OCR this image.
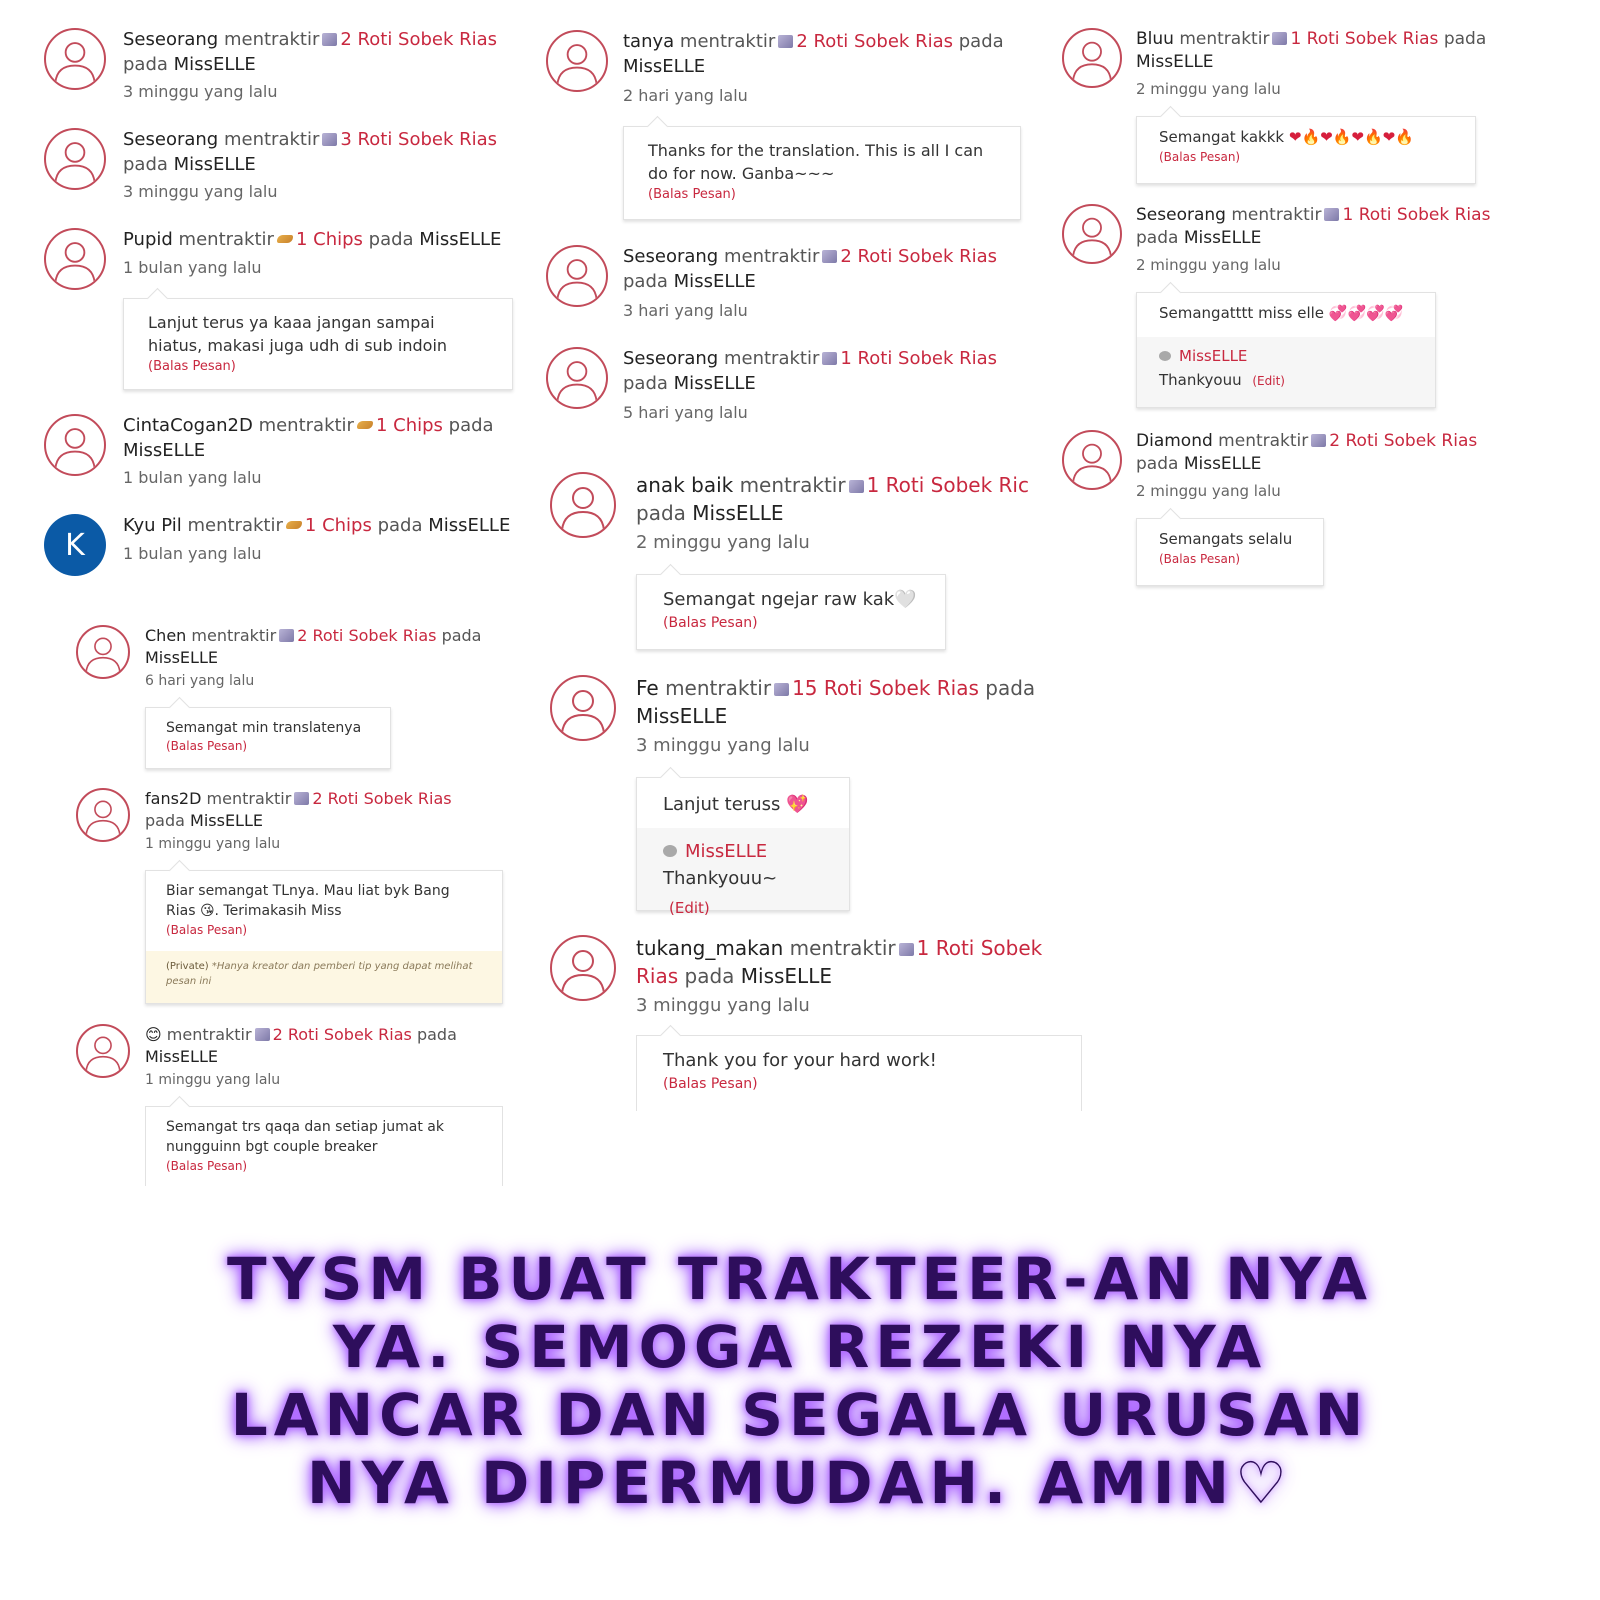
Seseorang mentraktir 2 Roti Sobek Rias
pada MissELLE
3 minggu yang lalu
Seseorang mentraktir 3 Roti Sobek Rias
pada MissELLE
3 minggu yang lalu
Pupid mentraktir 1 Chips pada MissELLE
1 bulan yang lalu
Lanjut terus ya kaaa jangan sampai hiatus, makasi juga udh di sub indoin
(Balas Pesan)
CintaCogan2D mentraktir 1 Chips pada
MissELLE
1 bulan yang lalu
K
Kyu Pil mentraktir 1 Chips pada MissELLE
1 bulan yang lalu
Chen mentraktir 2 Roti Sobek Rias pada
MissELLE
6 hari yang lalu
Semangat min translatenya
(Balas Pesan)
fans2D mentraktir 2 Roti Sobek Rias
pada MissELLE
1 minggu yang lalu
Biar semangat TLnya. Mau liat byk Bang Rias 😘. Terimakasih Miss
(Balas Pesan)
(Private) *Hanya kreator dan pemberi tip yang dapat melihat pesan ini
😊 mentraktir 2 Roti Sobek Rias pada
MissELLE
1 minggu yang lalu
Semangat trs qaqa dan setiap jumat ak nungguinn bgt couple breaker
(Balas Pesan)
tanya mentraktir 2 Roti Sobek Rias pada
MissELLE
2 hari yang lalu
Thanks for the translation. This is all I can do for now. Ganba~~~
(Balas Pesan)
Seseorang mentraktir 2 Roti Sobek Rias
pada MissELLE
3 hari yang lalu
Seseorang mentraktir 1 Roti Sobek Rias
pada MissELLE
5 hari yang lalu
anak baik mentraktir 1 Roti Sobek Ric
pada MissELLE
2 minggu yang lalu
Semangat ngejar raw kak🤍
(Balas Pesan)
Fe mentraktir 15 Roti Sobek Rias pada
MissELLE
3 minggu yang lalu
Lanjut teruss 💖
MissELLE
Thankyouu~ (Edit)
tukang_makan mentraktir 1 Roti Sobek
Rias pada MissELLE
3 minggu yang lalu
Thank you for your hard work!
(Balas Pesan)
Bluu mentraktir 1 Roti Sobek Rias pada
MissELLE
2 minggu yang lalu
Semangat kakkk ❤🔥❤🔥❤🔥❤🔥
(Balas Pesan)
Seseorang mentraktir 1 Roti Sobek Rias
pada MissELLE
2 minggu yang lalu
Semangatttt miss elle 💞💞💞💞
MissELLE
Thankyouu (Edit)
Diamond mentraktir 2 Roti Sobek Rias
pada MissELLE
2 minggu yang lalu
Semangats selalu
(Balas Pesan)
TYSM BUAT TRAKTEER-AN NYA
YA. SEMOGA REZEKI NYA
LANCAR DAN SEGALA URUSAN
NYA DIPERMUDAH. AMIN♡
